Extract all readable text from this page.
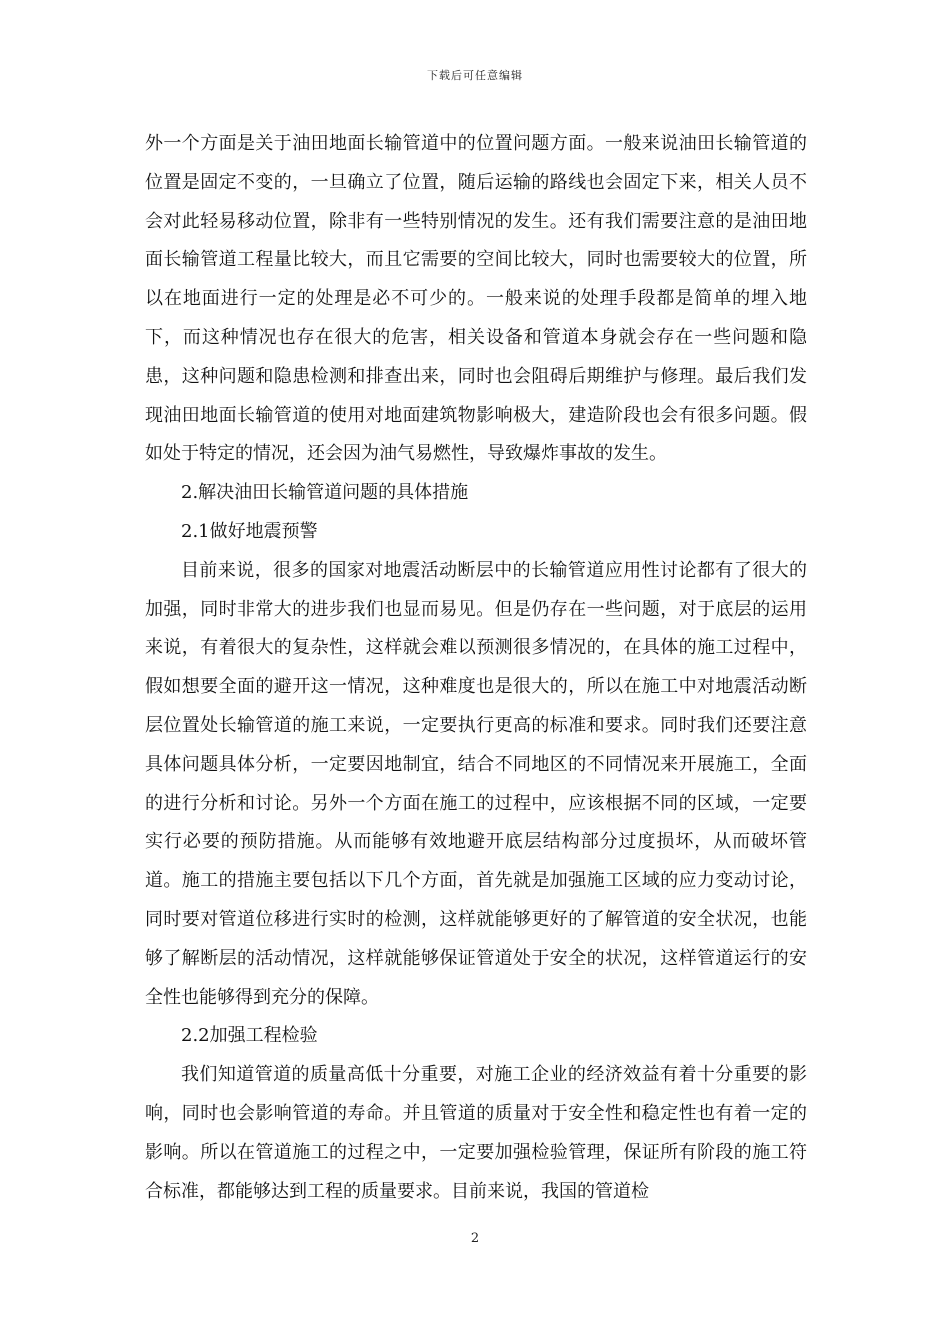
下载后可任意编辑

外一个方面是关于油田地面长输管道中的位置问题方面。一般来说油田长输管道的位置是固定不变的，一旦确立了位置，随后运输的路线也会固定下来，相关人员不会对此轻易移动位置，除非有一些特别情况的发生。还有我们需要注意的是油田地面长输管道工程量比较大，而且它需要的空间比较大，同时也需要较大的位置，所以在地面进行一定的处理是必不可少的。一般来说的处理手段都是简单的埋入地下，而这种情况也存在很大的危害，相关设备和管道本身就会存在一些问题和隐患，这种问题和隐患检测和排查出来，同时也会阻碍后期维护与修理。最后我们发现油田地面长输管道的使用对地面建筑物影响极大，建造阶段也会有很多问题。假如处于特定的情况，还会因为油气易燃性，导致爆炸事故的发生。

2.解决油田长输管道问题的具体措施

2.1做好地震预警

目前来说，很多的国家对地震活动断层中的长输管道应用性讨论都有了很大的加强，同时非常大的进步我们也显而易见。但是仍存在一些问题，对于底层的运用来说，有着很大的复杂性，这样就会难以预测很多情况的，在具体的施工过程中，假如想要全面的避开这一情况，这种难度也是很大的，所以在施工中对地震活动断层位置处长输管道的施工来说，一定要执行更高的标准和要求。同时我们还要注意具体问题具体分析，一定要因地制宜，结合不同地区的不同情况来开展施工，全面的进行分析和讨论。另外一个方面在施工的过程中，应该根据不同的区域，一定要实行必要的预防措施。从而能够有效地避开底层结构部分过度损坏，从而破坏管道。施工的措施主要包括以下几个方面，首先就是加强施工区域的应力变动讨论，同时要对管道位移进行实时的检测，这样就能够更好的了解管道的安全状况，也能够了解断层的活动情况，这样就能够保证管道处于安全的状况，这样管道运行的安全性也能够得到充分的保障。

2.2加强工程检验

我们知道管道的质量高低十分重要，对施工企业的经济效益有着十分重要的影响，同时也会影响管道的寿命。并且管道的质量对于安全性和稳定性也有着一定的影响。所以在管道施工的过程之中，一定要加强检验管理，保证所有阶段的施工符合标准，都能够达到工程的质量要求。目前来说，我国的管道检

2
